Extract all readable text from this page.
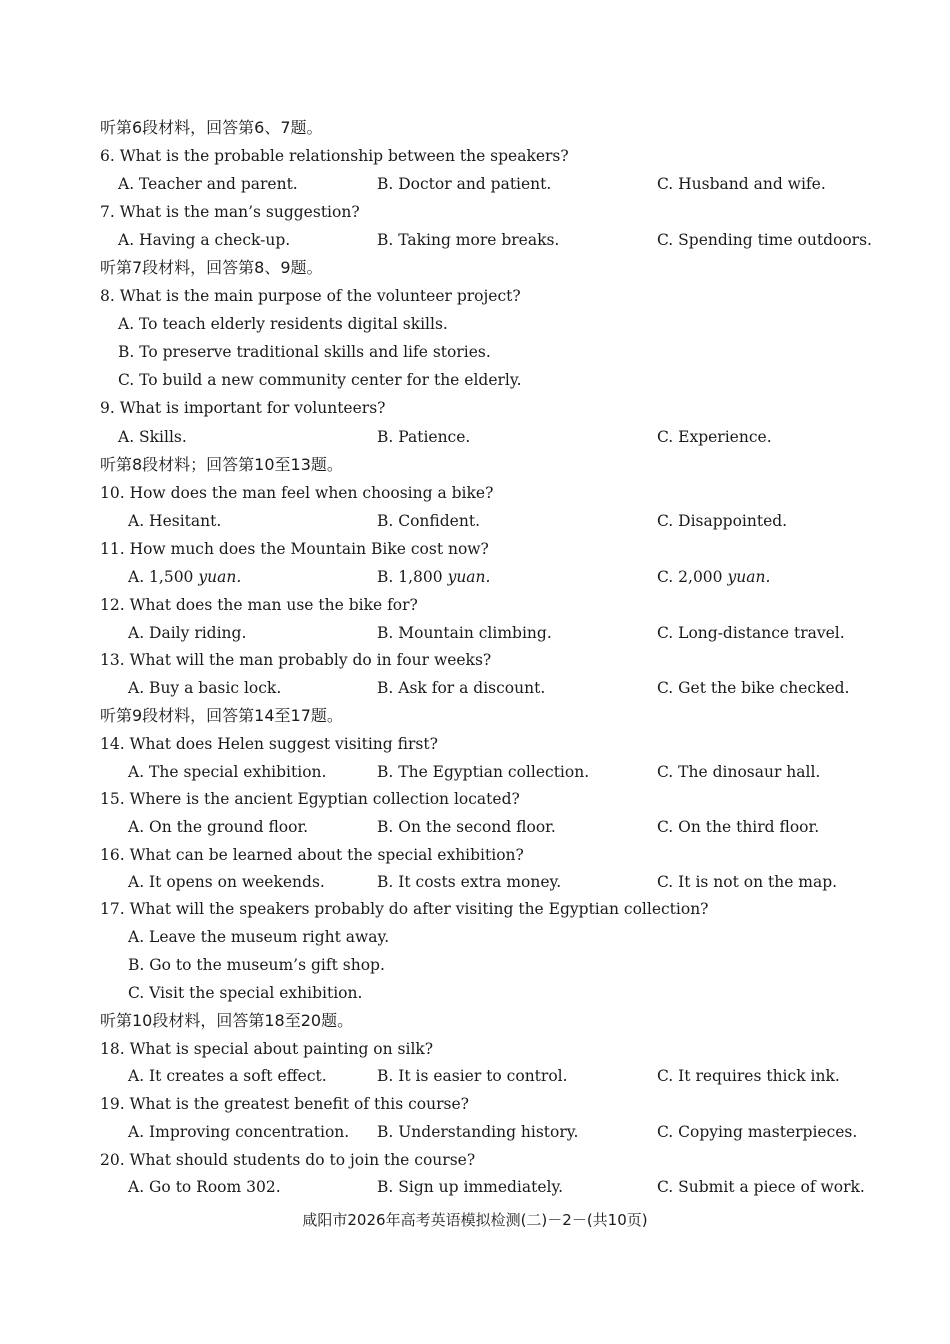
听第6段材料，回答第6、7题。
6. What is the probable relationship between the speakers?
A. Teacher and parent.	B. Doctor and patient.	C. Husband and wife.
7. What is the man’s suggestion?
A. Having a check-up.	B. Taking more breaks.	C. Spending time outdoors.
听第7段材料，回答第8、9题。
8. What is the main purpose of the volunteer project?
A. To teach elderly residents digital skills.
B. To preserve traditional skills and life stories.
C. To build a new community center for the elderly.
9. What is important for volunteers?
A. Skills.	B. Patience.	C. Experience.
听第8段材料；回答第10至13题。
10. How does the man feel when choosing a bike?
A. Hesitant.	B. Confident.	C. Disappointed.
11. How much does the Mountain Bike cost now?
A. 1,500 yuan.	B. 1,800 yuan.	C. 2,000 yuan.
12. What does the man use the bike for?
A. Daily riding.	B. Mountain climbing.	C. Long-distance travel.
13. What will the man probably do in four weeks?
A. Buy a basic lock.	B. Ask for a discount.	C. Get the bike checked.
听第9段材料，回答第14至17题。
14. What does Helen suggest visiting first?
A. The special exhibition.	B. The Egyptian collection.	C. The dinosaur hall.
15. Where is the ancient Egyptian collection located?
A. On the ground floor.	B. On the second floor.	C. On the third floor.
16. What can be learned about the special exhibition?
A. It opens on weekends.	B. It costs extra money.	C. It is not on the map.
17. What will the speakers probably do after visiting the Egyptian collection?
A. Leave the museum right away.
B. Go to the museum’s gift shop.
C. Visit the special exhibition.
听第10段材料，回答第18至20题。
18. What is special about painting on silk?
A. It creates a soft effect.	B. It is easier to control.	C. It requires thick ink.
19. What is the greatest benefit of this course?
A. Improving concentration. B. Understanding history.	C. Copying masterpieces.
20. What should students do to join the course?
A. Go to Room 302.	B. Sign up immediately.	C. Submit a piece of work.
咸阳市2026年高考英语模拟检测(二)－2－(共10页)
